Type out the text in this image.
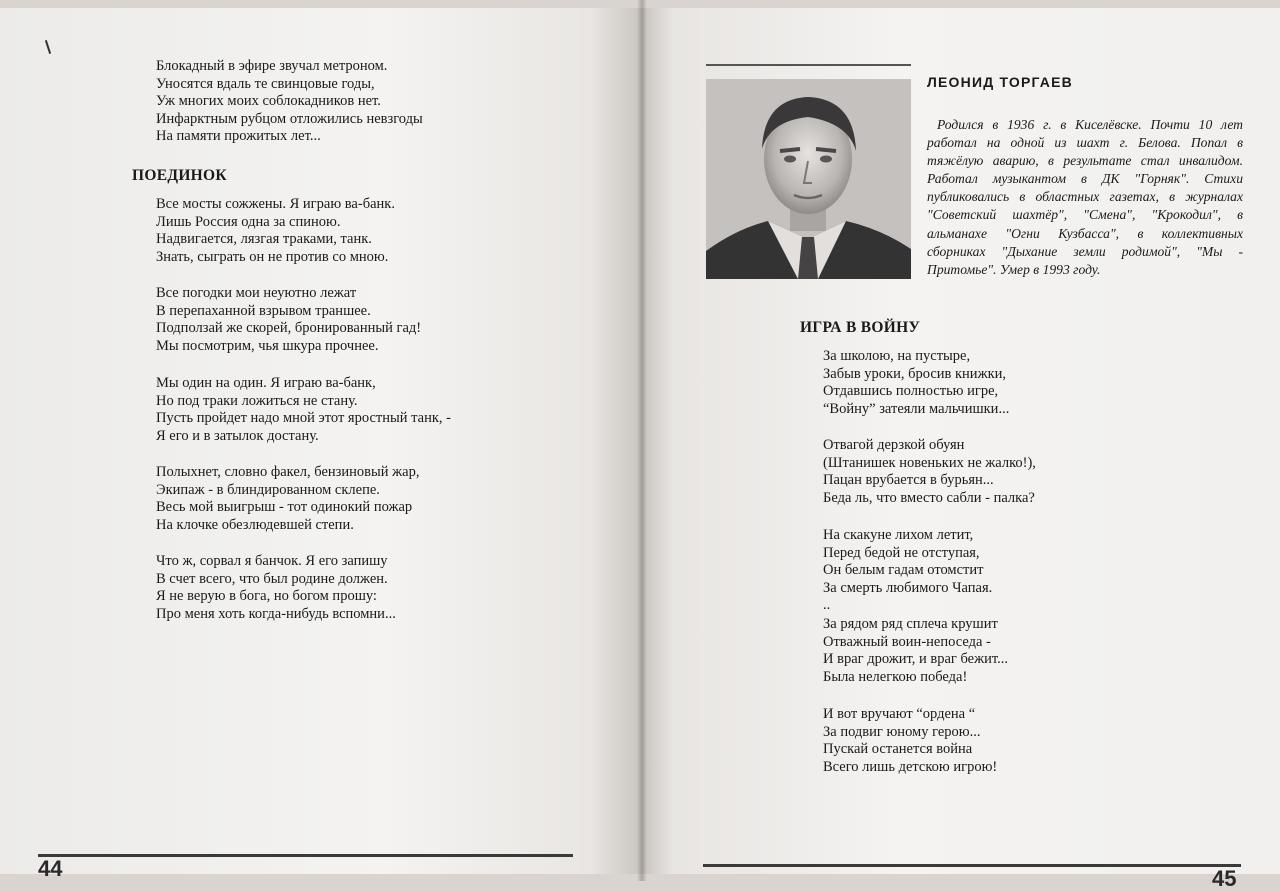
Блокадный в эфире звучал метроном.
Уносятся вдаль те свинцовые годы,
Уж многих моих соблокадников нет.
Инфарктным рубцом отложились невзгоды
На памяти прожитых лет...
ПОЕДИНОК
Все мосты сожжены. Я играю ва-банк.
Лишь Россия одна за спиною.
Надвигается, лязгая траками, танк.
Знать, сыграть он не против со мною.
Все погодки мои неуютно лежат
В перепаханной взрывом траншее.
Подползай же скорей, бронированный гад!
Мы посмотрим, чья шкура прочнее.
Мы один на один. Я играю ва-банк,
Но под траки ложиться не стану.
Пусть пройдет надо мной этот яростный танк, -
Я его и в затылок достану.
Полыхнет, словно факел, бензиновый жар,
Экипаж - в блиндированном склепе.
Весь мой выигрыш - тот одинокий пожар
На клочке обезлюдевшей степи.
Что ж, сорвал я банчок. Я его запишу
В счет всего, что был родине должен.
Я не верую в бога, но богом прошу:
Про меня хоть когда-нибудь вспомни...
44
ЛЕОНИД ТОРГАЕВ

Родился в 1936 г. в Киселёвске. Почти 10 лет работал на одной из шахт г. Белова. Попал в тяжёлую аварию, в результате стал инвалидом. Работал музыкантом в ДК "Горняк". Стихи публиковались в областных газетах, в журналах "Советский шахтёр", "Смена", "Крокодил", в альманахе "Огни Кузбасса", в коллективных сборниках "Дыхание земли родимой", "Мы - Притомье". Умер в 1993 году.

ИГРА В ВОЙНУ
За школою, на пустыре,
Забыв уроки, бросив книжки,
Отдавшись полностью игре,
“Войну” затеяли мальчишки...
Отвагой дерзкой обуян
(Штанишек новеньких не жалко!),
Пацан врубается в бурьян...
Беда ль, что вместо сабли - палка?
На скакуне лихом летит,
Перед бедой не отступая,
Он белым гадам отомстит
За смерть любимого Чапая.
..
За рядом ряд сплеча крушит
Отважный воин-непоседа -
И враг дрожит, и враг бежит...
Была нелегкою победа!
И вот вручают “ордена “
За подвиг юному герою...
Пускай останется война
Всего лишь детскою игрою!
45
